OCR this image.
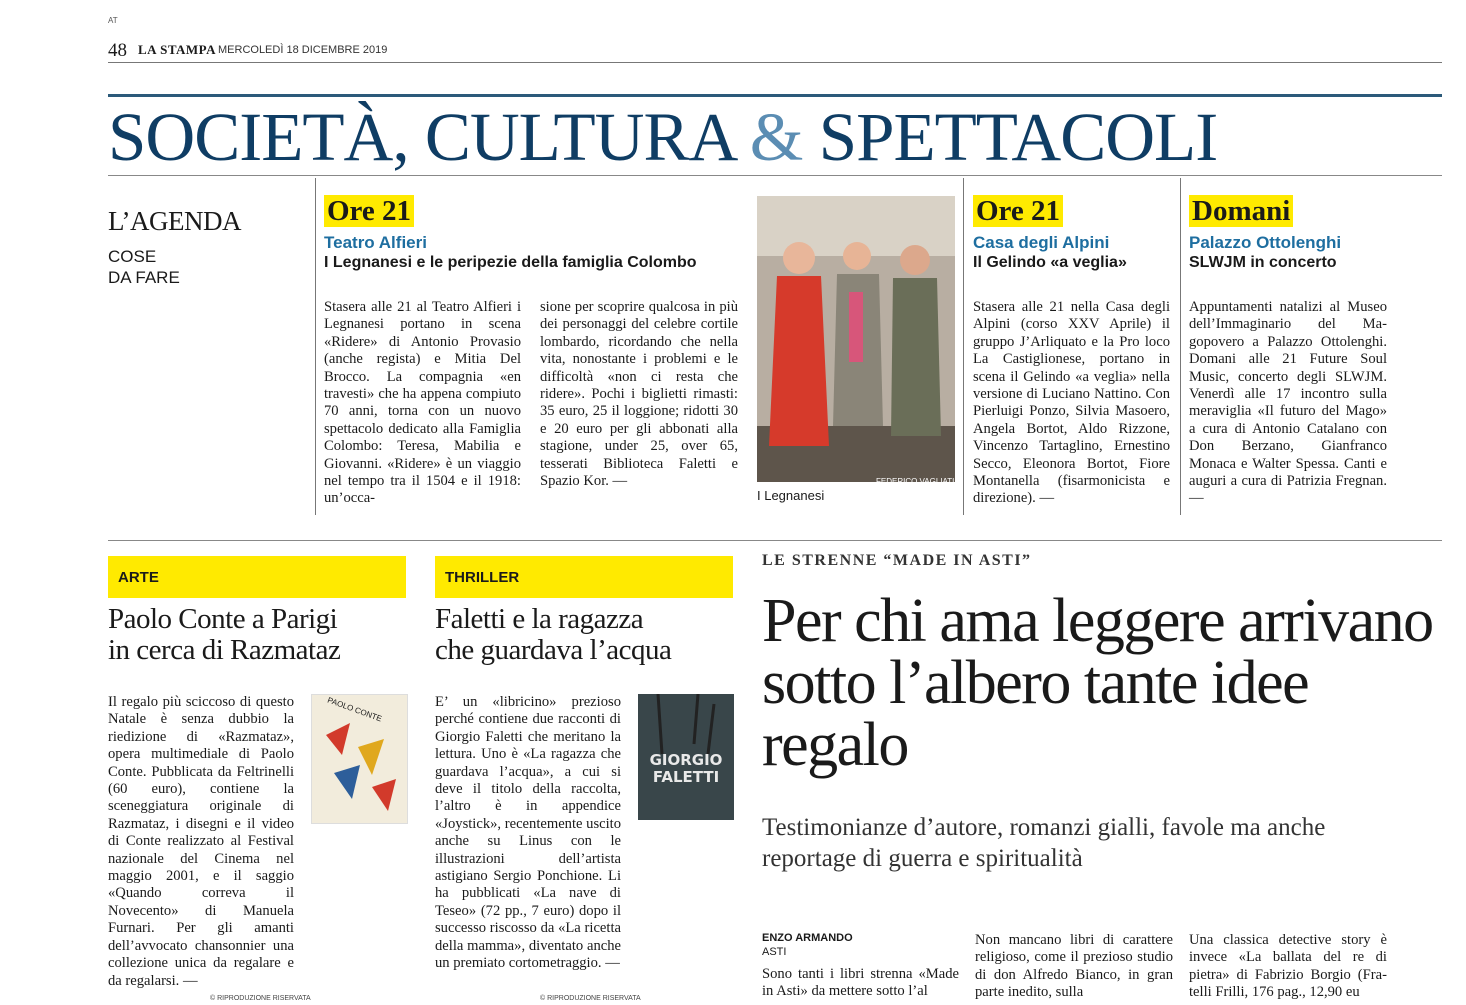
AT
48 LA STAMPA MERCOLEDÌ 18 DICEMBRE 2019
SOCIETÀ, CULTURA & SPETTACOLI
L’AGENDA
COSE
DA FARE
Ore 21
Teatro Alfieri
I Legnanesi e le peripezie della famiglia Colombo
Stasera alle 21 al Teatro Alfieri i Legnanesi portano in scena «Ridere» di Antonio Provasio (anche regista) e Mitia Del Brocco. La compagnia «en travesti» che ha appena compiuto 70 anni, torna con un nuovo spettacolo dedicato alla Famiglia Colombo: Teresa, Mabilia e Giovanni. «Ridere» è un viaggio nel tempo tra il 1504 e il 1918: un’occa-
sione per scoprire qualcosa in più dei personaggi del celebre cortile lombardo, ricordando che nella vita, nonostante i problemi e le difficoltà «non ci resta che ridere». Pochi i biglietti rimasti: 35 euro, 25 il loggione; ridotti 30 e 20 euro per gli abbonati alla stagione, under 25, over 65, tesserati Biblioteca Faletti e Spazio Kor. —	FEDERICO VAGLIATI
I Legnanesi
Ore 21
Casa degli Alpini
Il Gelindo «a veglia»
Stasera alle 21 nella Casa degli Alpini (corso XXV Aprile) il gruppo J’Arliquato e la Pro loco La Castiglionese, portano in scena il Gelindo «a veglia» nella versione di Luciano Nattino. Con Pierluigi Ponzo, Silvia Masoero, Angela Bortot, Aldo Rizzone, Vincenzo Tartaglino, Ernestino Secco, Eleonora Bortot, Fiore Montanella (fisarmonicista e direzione). —
Domani
Palazzo Ottolenghi
SLWJM in concerto
Appuntamenti natalizi al Museo dell’Immaginario del Magopovero a Palazzo Ottolenghi. Domani alle 21 Future Soul Music, concerto degli SLWJM. Venerdì alle 17 incontro sulla meraviglia «Il futuro del Mago» a cura di Antonio Catalano con Don Berzano, Gianfranco Monaca e Walter Spessa. Canti e auguri a cura di Patrizia Fregnan. —
ARTE
Paolo Conte a Parigi
in cerca di Razmataz
Il regalo più sciccoso di questo Natale è senza dubbio la riedizione di «Razmataz», opera multimediale di Paolo Conte. Pubblicata da Feltrinelli (60 euro), contiene la sceneggiatura originale di Razmataz, i disegni e il video di Conte realizzato al Festival nazionale del Cinema nel maggio 2001, e il saggio «Quando correva il Novecento» di Manuela Furnari. Per gli amanti dell’avvocato chansonnier una collezione unica da regalare e da regalarsi. —
PAOLO CONTE
© RIPRODUZIONE RISERVATA
THRILLER
Faletti e la ragazza
che guardava l’acqua
E’ un «libricino» prezioso perché contiene due racconti di Giorgio Faletti che meritano la lettura. Uno è «La ragazza che guardava l’acqua», a cui si deve il titolo della raccolta, l’altro è in appendice «Joystick», recentemente uscito anche su Linus con le illustrazioni dell’artista astigiano Sergio Ponchione. Li ha pubblicati «La nave di Teseo» (72 pp., 7 euro) dopo il successo riscosso da «La ricetta della mamma», diventato anche un premiato cortometraggio. —
GIORGIO
FALETTI
© RIPRODUZIONE RISERVATA
LE STRENNE “MADE IN ASTI”
Per chi ama leggere arrivano sotto l’albero tante idee regalo
Testimonianze d’autore, romanzi gialli, favole ma anche reportage di guerra e spiritualità
ENZO ARMANDO
ASTI
Sono tanti i libri strenna «Made in Asti» da mettere sotto l’al
Non mancano libri di carattere religioso, come il prezioso studio di don Alfredo Bianco, in gran parte inedito, sulla
Una classica detective story è invece «La ballata del re di pietra» di Fabrizio Borgio (Fratelli Frilli, 176 pag., 12,90 eu
